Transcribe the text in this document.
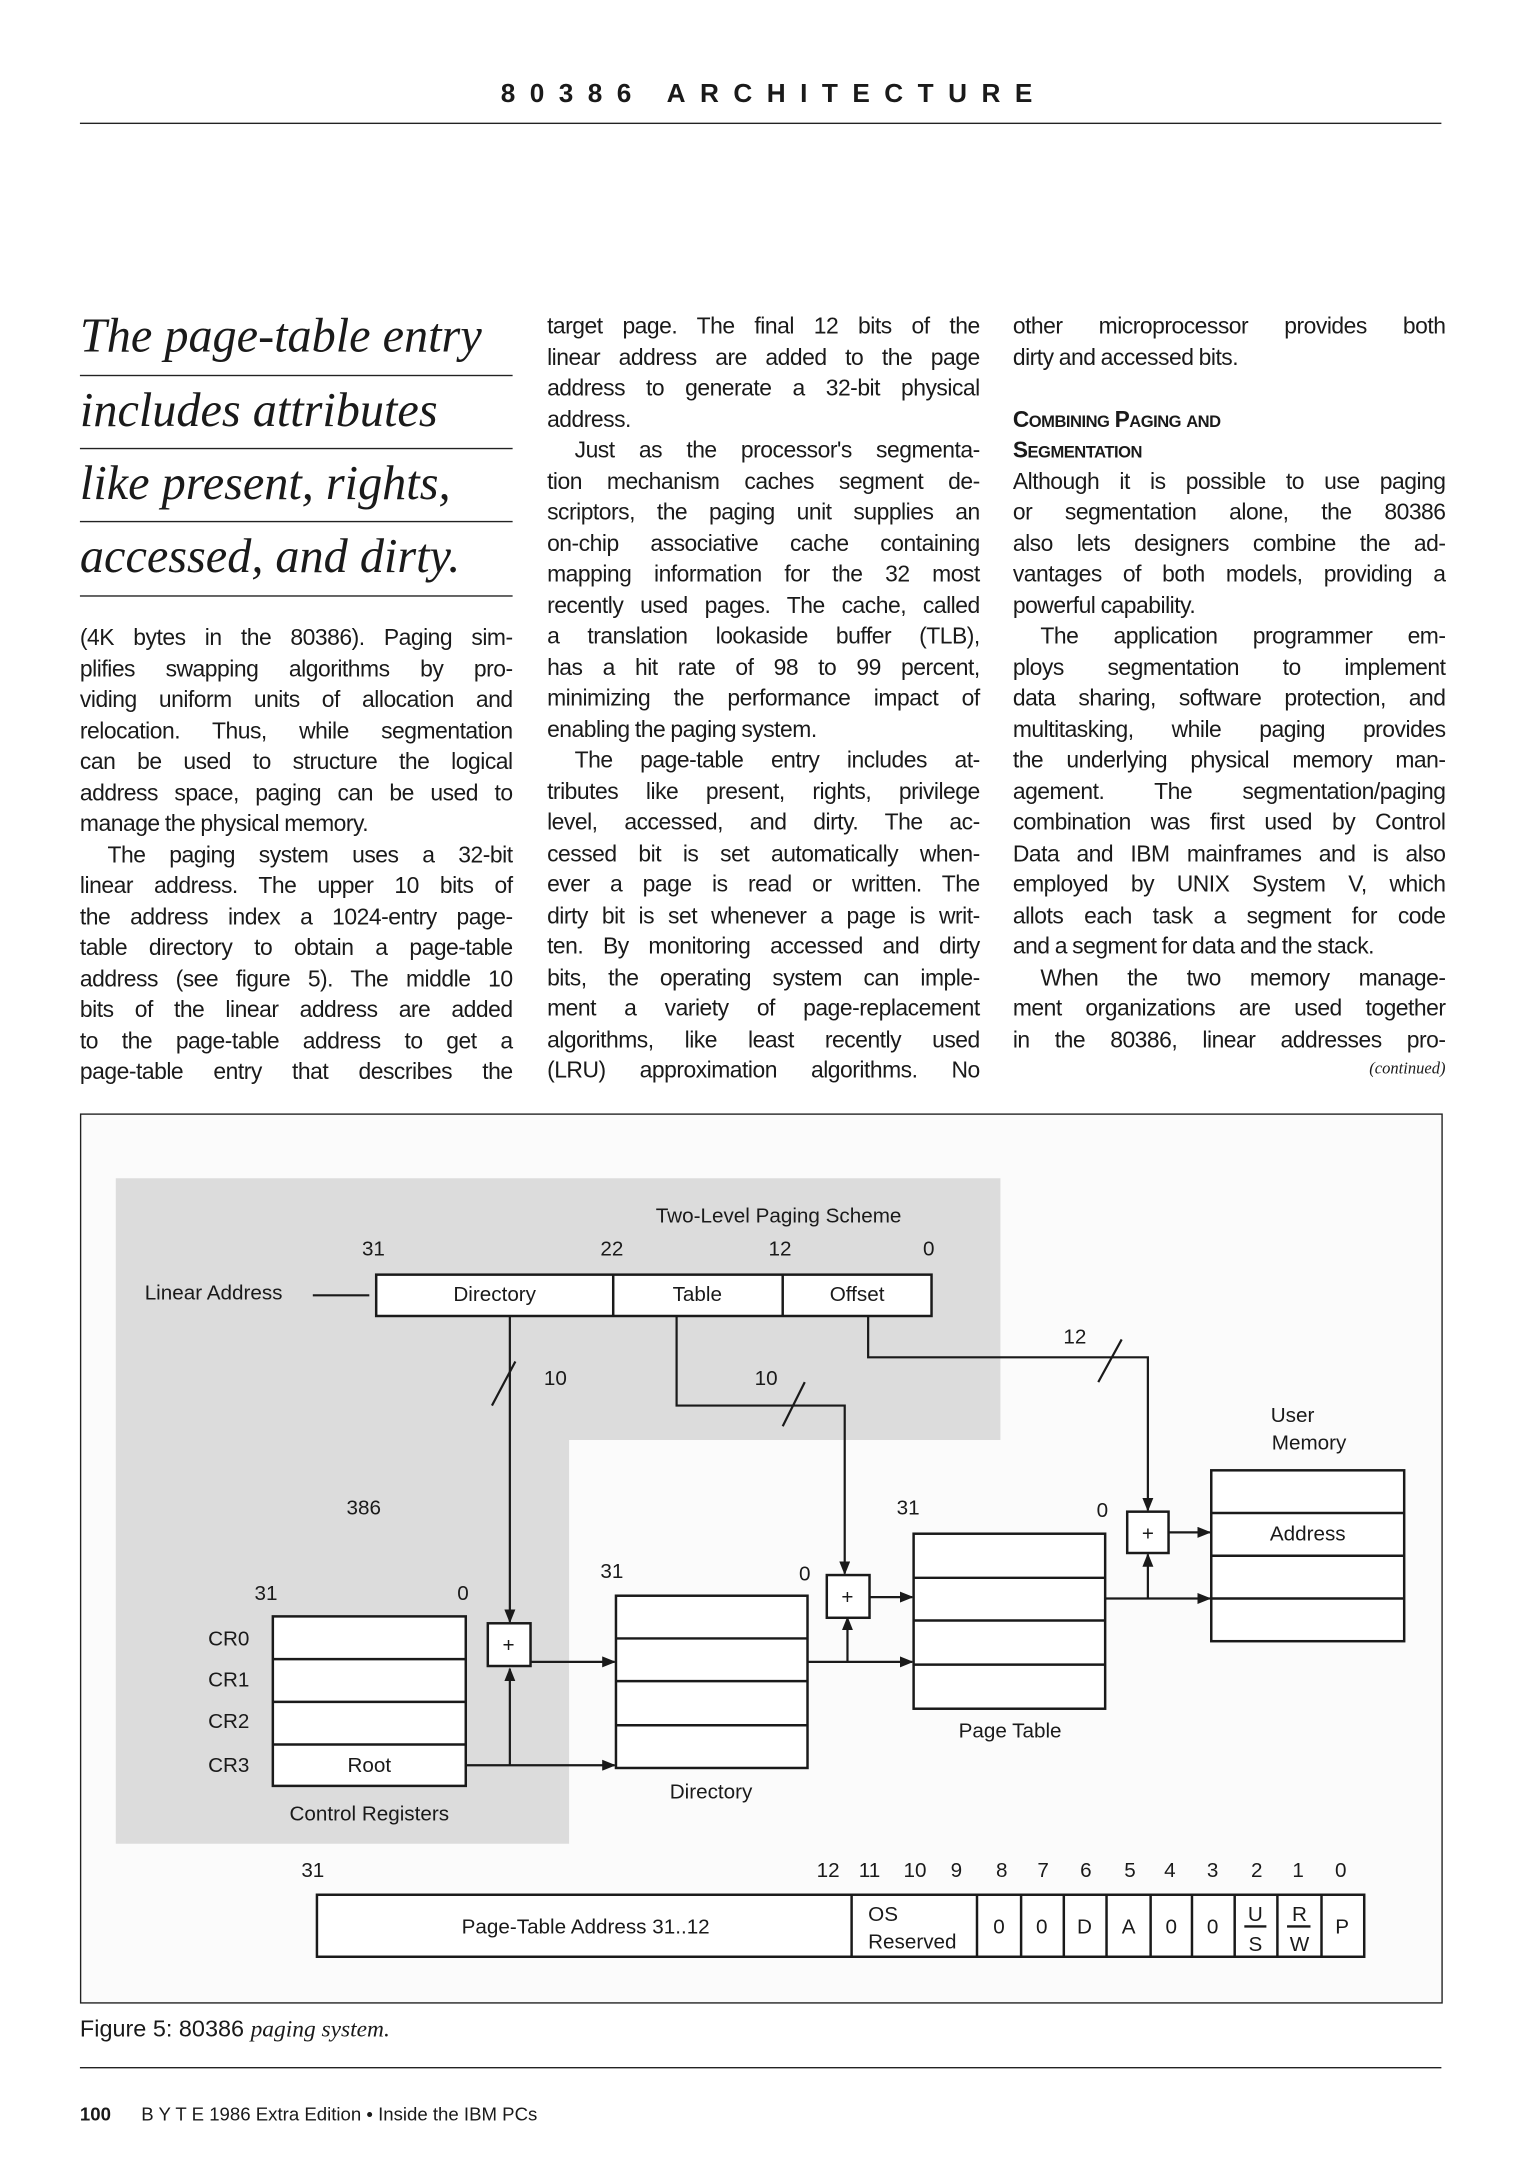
80386 ARCHITECTURE
The page-table entry
includes attributes
like present, rights,
accessed, and dirty.
(4K bytes in the 80386). Paging sim-
plifies swapping algorithms by pro-
viding uniform units of allocation and
relocation. Thus, while segmentation
can be used to structure the logical
address space, paging can be used to
manage the physical memory.
The paging system uses a 32-bit
linear address. The upper 10 bits of
the address index a 1024-entry page-
table directory to obtain a page-table
address (see figure 5). The middle 10
bits of the linear address are added
to the page-table address to get a
page-table entry that describes the
target page. The final 12 bits of the
linear address are added to the page
address to generate a 32-bit physical
address.
Just as the processor's segmenta-
tion mechanism caches segment de-
scriptors, the paging unit supplies an
on-chip associative cache containing
mapping information for the 32 most
recently used pages. The cache, called
a translation lookaside buffer (TLB),
has a hit rate of 98 to 99 percent,
minimizing the performance impact of
enabling the paging system.
The page-table entry includes at-
tributes like present, rights, privilege
level, accessed, and dirty. The ac-
cessed bit is set automatically when-
ever a page is read or written. The
dirty bit is set whenever a page is writ-
ten. By monitoring accessed and dirty
bits, the operating system can imple-
ment a variety of page-replacement
algorithms, like least recently used
(LRU) approximation algorithms. No
other microprocessor provides both
dirty and accessed bits.
Combining Paging and
Segmentation
Although it is possible to use paging
or segmentation alone, the 80386
also lets designers combine the ad-
vantages of both models, providing a
powerful capability.
The application programmer em-
ploys segmentation to implement
data sharing, software protection, and
multitasking, while paging provides
the underlying physical memory man-
agement. The segmentation/paging
combination was first used by Control
Data and IBM mainframes and is also
employed by UNIX System V, which
allots each task a segment for code
and a segment for data and the stack.
When the two memory manage-
ment organizations are used together
in the 80386, linear addresses pro-
(continued)
Two-Level Paging Scheme
31	22	12	0
Linear Address	Directory	Table	Offset
10	10
12
+
+
+
386
31	0
CR0
CR1
CR2
CR3	Root
Control Registers
31	0
Directory
31	0
Page Table
User
Memory
Address
31	12 11 10 9 8 7 6 5 4 3 2 1 0
Page-Table Address 31..12
OS
Reserved
0 0 D A 0 0
U
S
R
W
P
Figure 5: 80386 paging system.
100 B Y T E 1986 Extra Edition • Inside the IBM PCs
